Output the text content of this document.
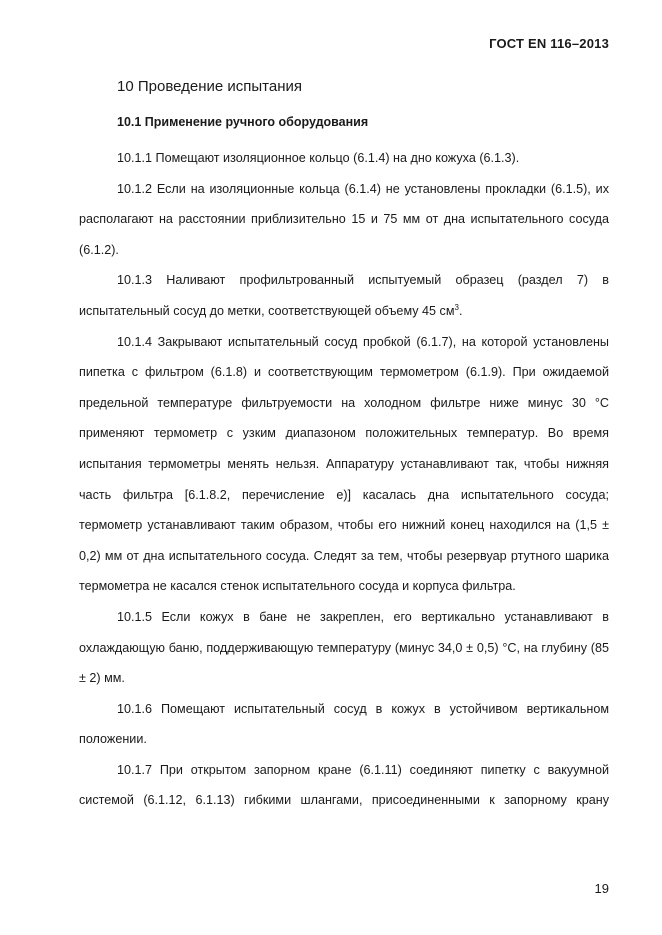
ГОСТ EN 116–2013
10 Проведение испытания
10.1 Применение ручного оборудования

10.1.1 Помещают изоляционное кольцо (6.1.4) на дно кожуха (6.1.3).

10.1.2 Если на изоляционные кольца (6.1.4) не установлены прокладки (6.1.5), их располагают на расстоянии приблизительно 15 и 75 мм от дна испытательного сосуда (6.1.2).

10.1.3 Наливают профильтрованный испытуемый образец (раздел 7) в испытательный сосуд до метки, соответствующей объему 45 $см^3$.

10.1.4 Закрывают испытательный сосуд пробкой (6.1.7), на которой установлены пипетка с фильтром (6.1.8) и соответствующим термометром (6.1.9). При ожидаемой предельной температуре фильтруемости на холодном фильтре ниже минус 30 °С применяют термометр с узким диапазоном положительных температур. Во время испытания термометры менять нельзя. Аппаратуру устанавливают так, чтобы нижняя часть фильтра [6.1.8.2, перечисление е)] касалась дна испытательного сосуда; термометр устанавливают таким образом, чтобы его нижний конец находился на (1,5 ± 0,2) мм от дна испытательного сосуда. Следят за тем, чтобы резервуар ртутного шарика термометра не касался стенок испытательного сосуда и корпуса фильтра.

10.1.5 Если кожух в бане не закреплен, его вертикально устанавливают в охлаждающую баню, поддерживающую температуру (минус 34,0 ± 0,5) °С, на глубину (85 ± 2) мм.

10.1.6 Помещают испытательный сосуд в кожух в устойчивом вертикальном положении.

10.1.7 При открытом запорном кране (6.1.11) соединяют пипетку с вакуумной системой (6.1.12, 6.1.13) гибкими шлангами, присоединенными к запорному крану

19
